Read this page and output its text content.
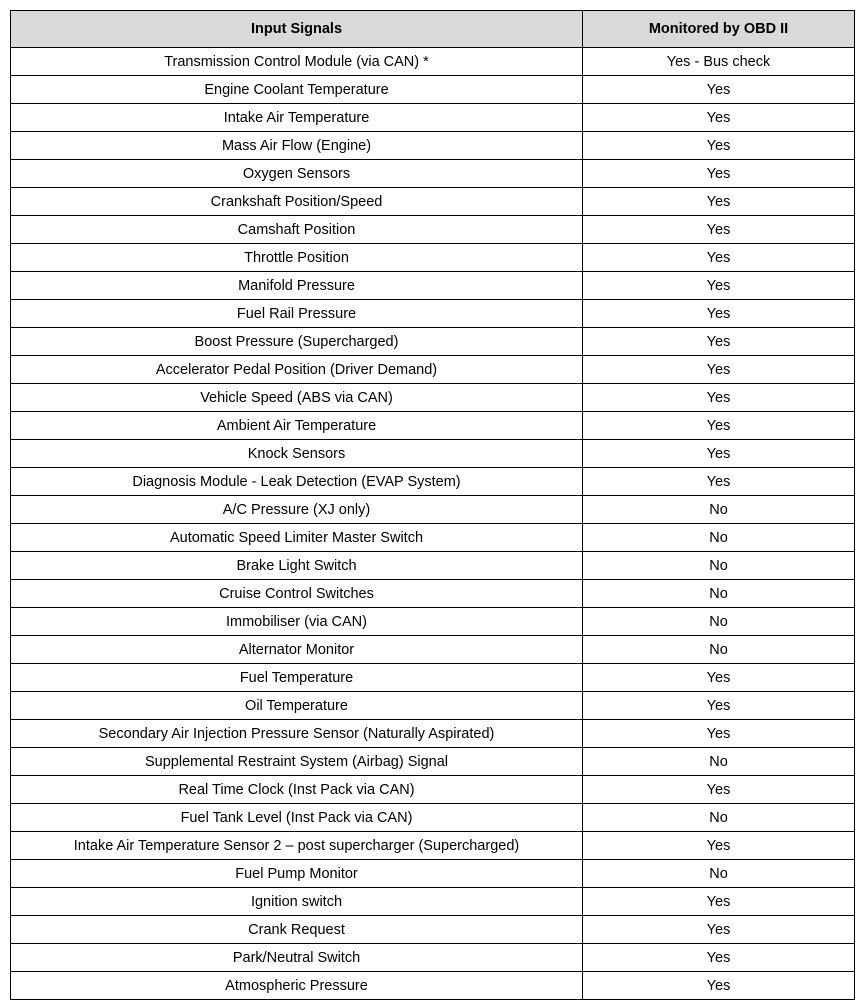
Input Signals	Monitored by OBD II
Transmission Control Module (via CAN) *	Yes - Bus check
Engine Coolant Temperature	Yes
Intake Air Temperature	Yes
Mass Air Flow (Engine)	Yes
Oxygen Sensors	Yes
Crankshaft Position/Speed	Yes
Camshaft Position	Yes
Throttle Position	Yes
Manifold Pressure	Yes
Fuel Rail Pressure	Yes
Boost Pressure (Supercharged)	Yes
Accelerator Pedal Position (Driver Demand)	Yes
Vehicle Speed (ABS via CAN)	Yes
Ambient Air Temperature	Yes
Knock Sensors	Yes
Diagnosis Module - Leak Detection (EVAP System)	Yes
A/C Pressure (XJ only)	No
Automatic Speed Limiter Master Switch	No
Brake Light Switch	No
Cruise Control Switches	No
Immobiliser (via CAN)	No
Alternator Monitor	No
Fuel Temperature	Yes
Oil Temperature	Yes
Secondary Air Injection Pressure Sensor (Naturally Aspirated)	Yes
Supplemental Restraint System (Airbag) Signal	No
Real Time Clock (Inst Pack via CAN)	Yes
Fuel Tank Level (Inst Pack via CAN)	No
Intake Air Temperature Sensor 2 – post supercharger (Supercharged)	Yes
Fuel Pump Monitor	No
Ignition switch	Yes
Crank Request	Yes
Park/Neutral Switch	Yes
Atmospheric Pressure	Yes
